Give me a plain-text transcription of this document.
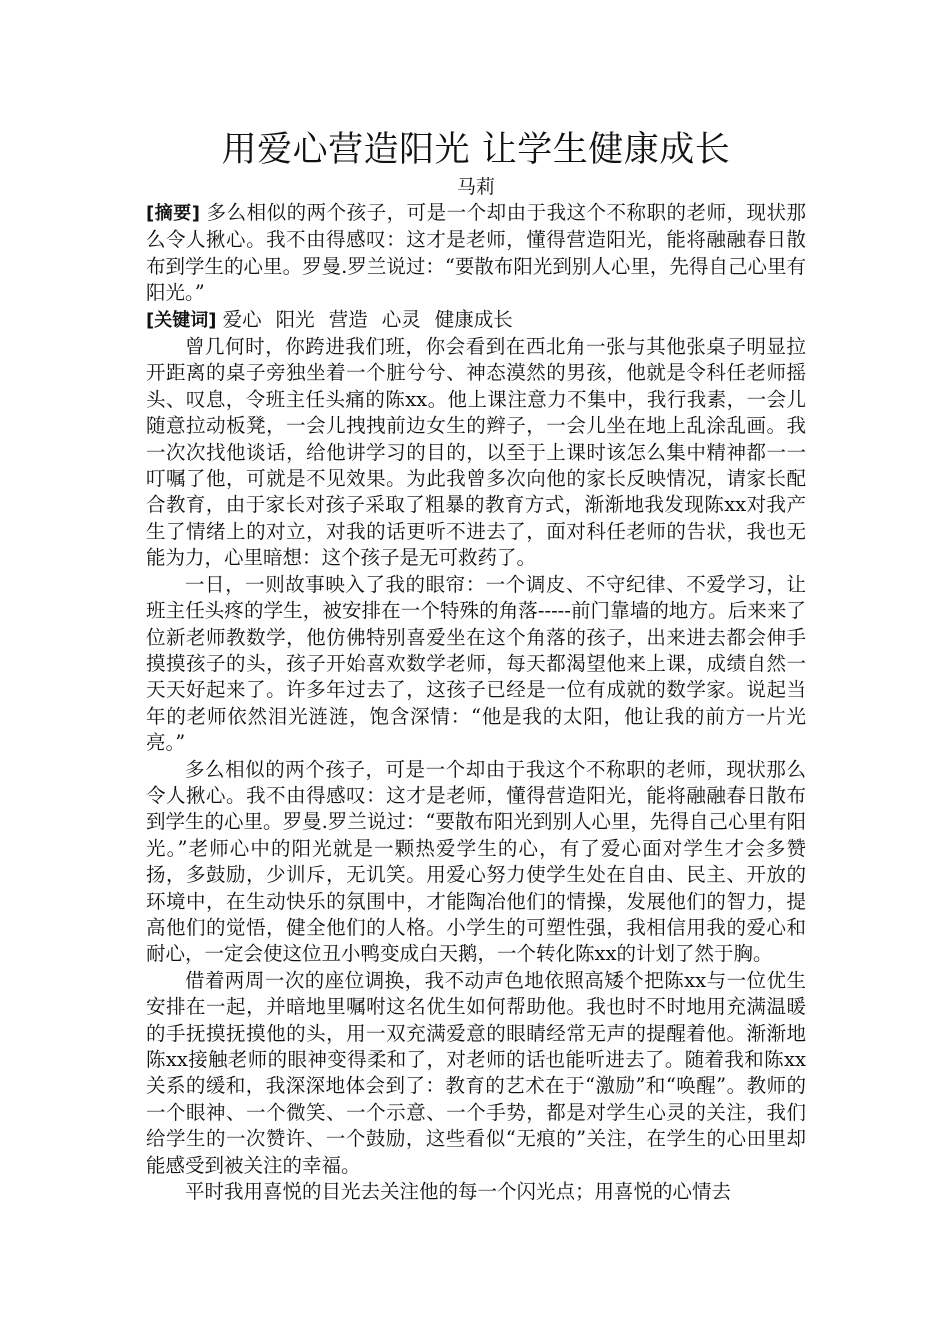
用爱心营造阳光 让学生健康成长

马莉

[摘要] 多么相似的两个孩子，可是一个却由于我这个不称职的老师，现状那么令人揪心。我不由得感叹：这才是老师，懂得营造阳光，能将融融春日散布到学生的心里。罗曼.罗兰说过：“要散布阳光到别人心里，先得自己心里有阳光。”

[关键词] 爱心 阳光 营造 心灵 健康成长

曾几何时，你跨进我们班，你会看到在西北角一张与其他张桌子明显拉开距离的桌子旁独坐着一个脏兮兮、神态漠然的男孩，他就是令科任老师摇头、叹息，令班主任头痛的陈xx。他上课注意力不集中，我行我素，一会儿随意拉动板凳，一会儿拽拽前边女生的辫子，一会儿坐在地上乱涂乱画。我一次次找他谈话，给他讲学习的目的，以至于上课时该怎么集中精神都一一叮嘱了他，可就是不见效果。为此我曾多次向他的家长反映情况，请家长配合教育，由于家长对孩子采取了粗暴的教育方式，渐渐地我发现陈xx对我产生了情绪上的对立，对我的话更听不进去了，面对科任老师的告状，我也无能为力，心里暗想：这个孩子是无可救药了。

一日，一则故事映入了我的眼帘：一个调皮、不守纪律、不爱学习，让班主任头疼的学生，被安排在一个特殊的角落-----前门靠墙的地方。后来来了位新老师教数学，他仿佛特别喜爱坐在这个角落的孩子，出来进去都会伸手摸摸孩子的头，孩子开始喜欢数学老师，每天都渴望他来上课，成绩自然一天天好起来了。许多年过去了，这孩子已经是一位有成就的数学家。说起当年的老师依然泪光涟涟，饱含深情：“他是我的太阳，他让我的前方一片光亮。”

多么相似的两个孩子，可是一个却由于我这个不称职的老师，现状那么令人揪心。我不由得感叹：这才是老师，懂得营造阳光，能将融融春日散布到学生的心里。罗曼.罗兰说过：“要散布阳光到别人心里，先得自己心里有阳光。”老师心中的阳光就是一颗热爱学生的心，有了爱心面对学生才会多赞扬，多鼓励，少训斥，无讥笑。用爱心努力使学生处在自由、民主、开放的环境中，在生动快乐的氛围中，才能陶冶他们的情操，发展他们的智力，提高他们的觉悟，健全他们的人格。小学生的可塑性强，我相信用我的爱心和耐心，一定会使这位丑小鸭变成白天鹅，一个转化陈xx的计划了然于胸。

借着两周一次的座位调换，我不动声色地依照高矮个把陈xx与一位优生安排在一起，并暗地里嘱咐这名优生如何帮助他。我也时不时地用充满温暖的手抚摸抚摸他的头，用一双充满爱意的眼睛经常无声的提醒着他。渐渐地陈xx接触老师的眼神变得柔和了，对老师的话也能听进去了。随着我和陈xx关系的缓和，我深深地体会到了：教育的艺术在于“激励”和“唤醒”。教师的一个眼神、一个微笑、一个示意、一个手势，都是对学生心灵的关注，我们给学生的一次赞许、一个鼓励，这些看似“无痕的”关注，在学生的心田里却能感受到被关注的幸福。

平时我用喜悦的目光去关注他的每一个闪光点；用喜悦的心情去
